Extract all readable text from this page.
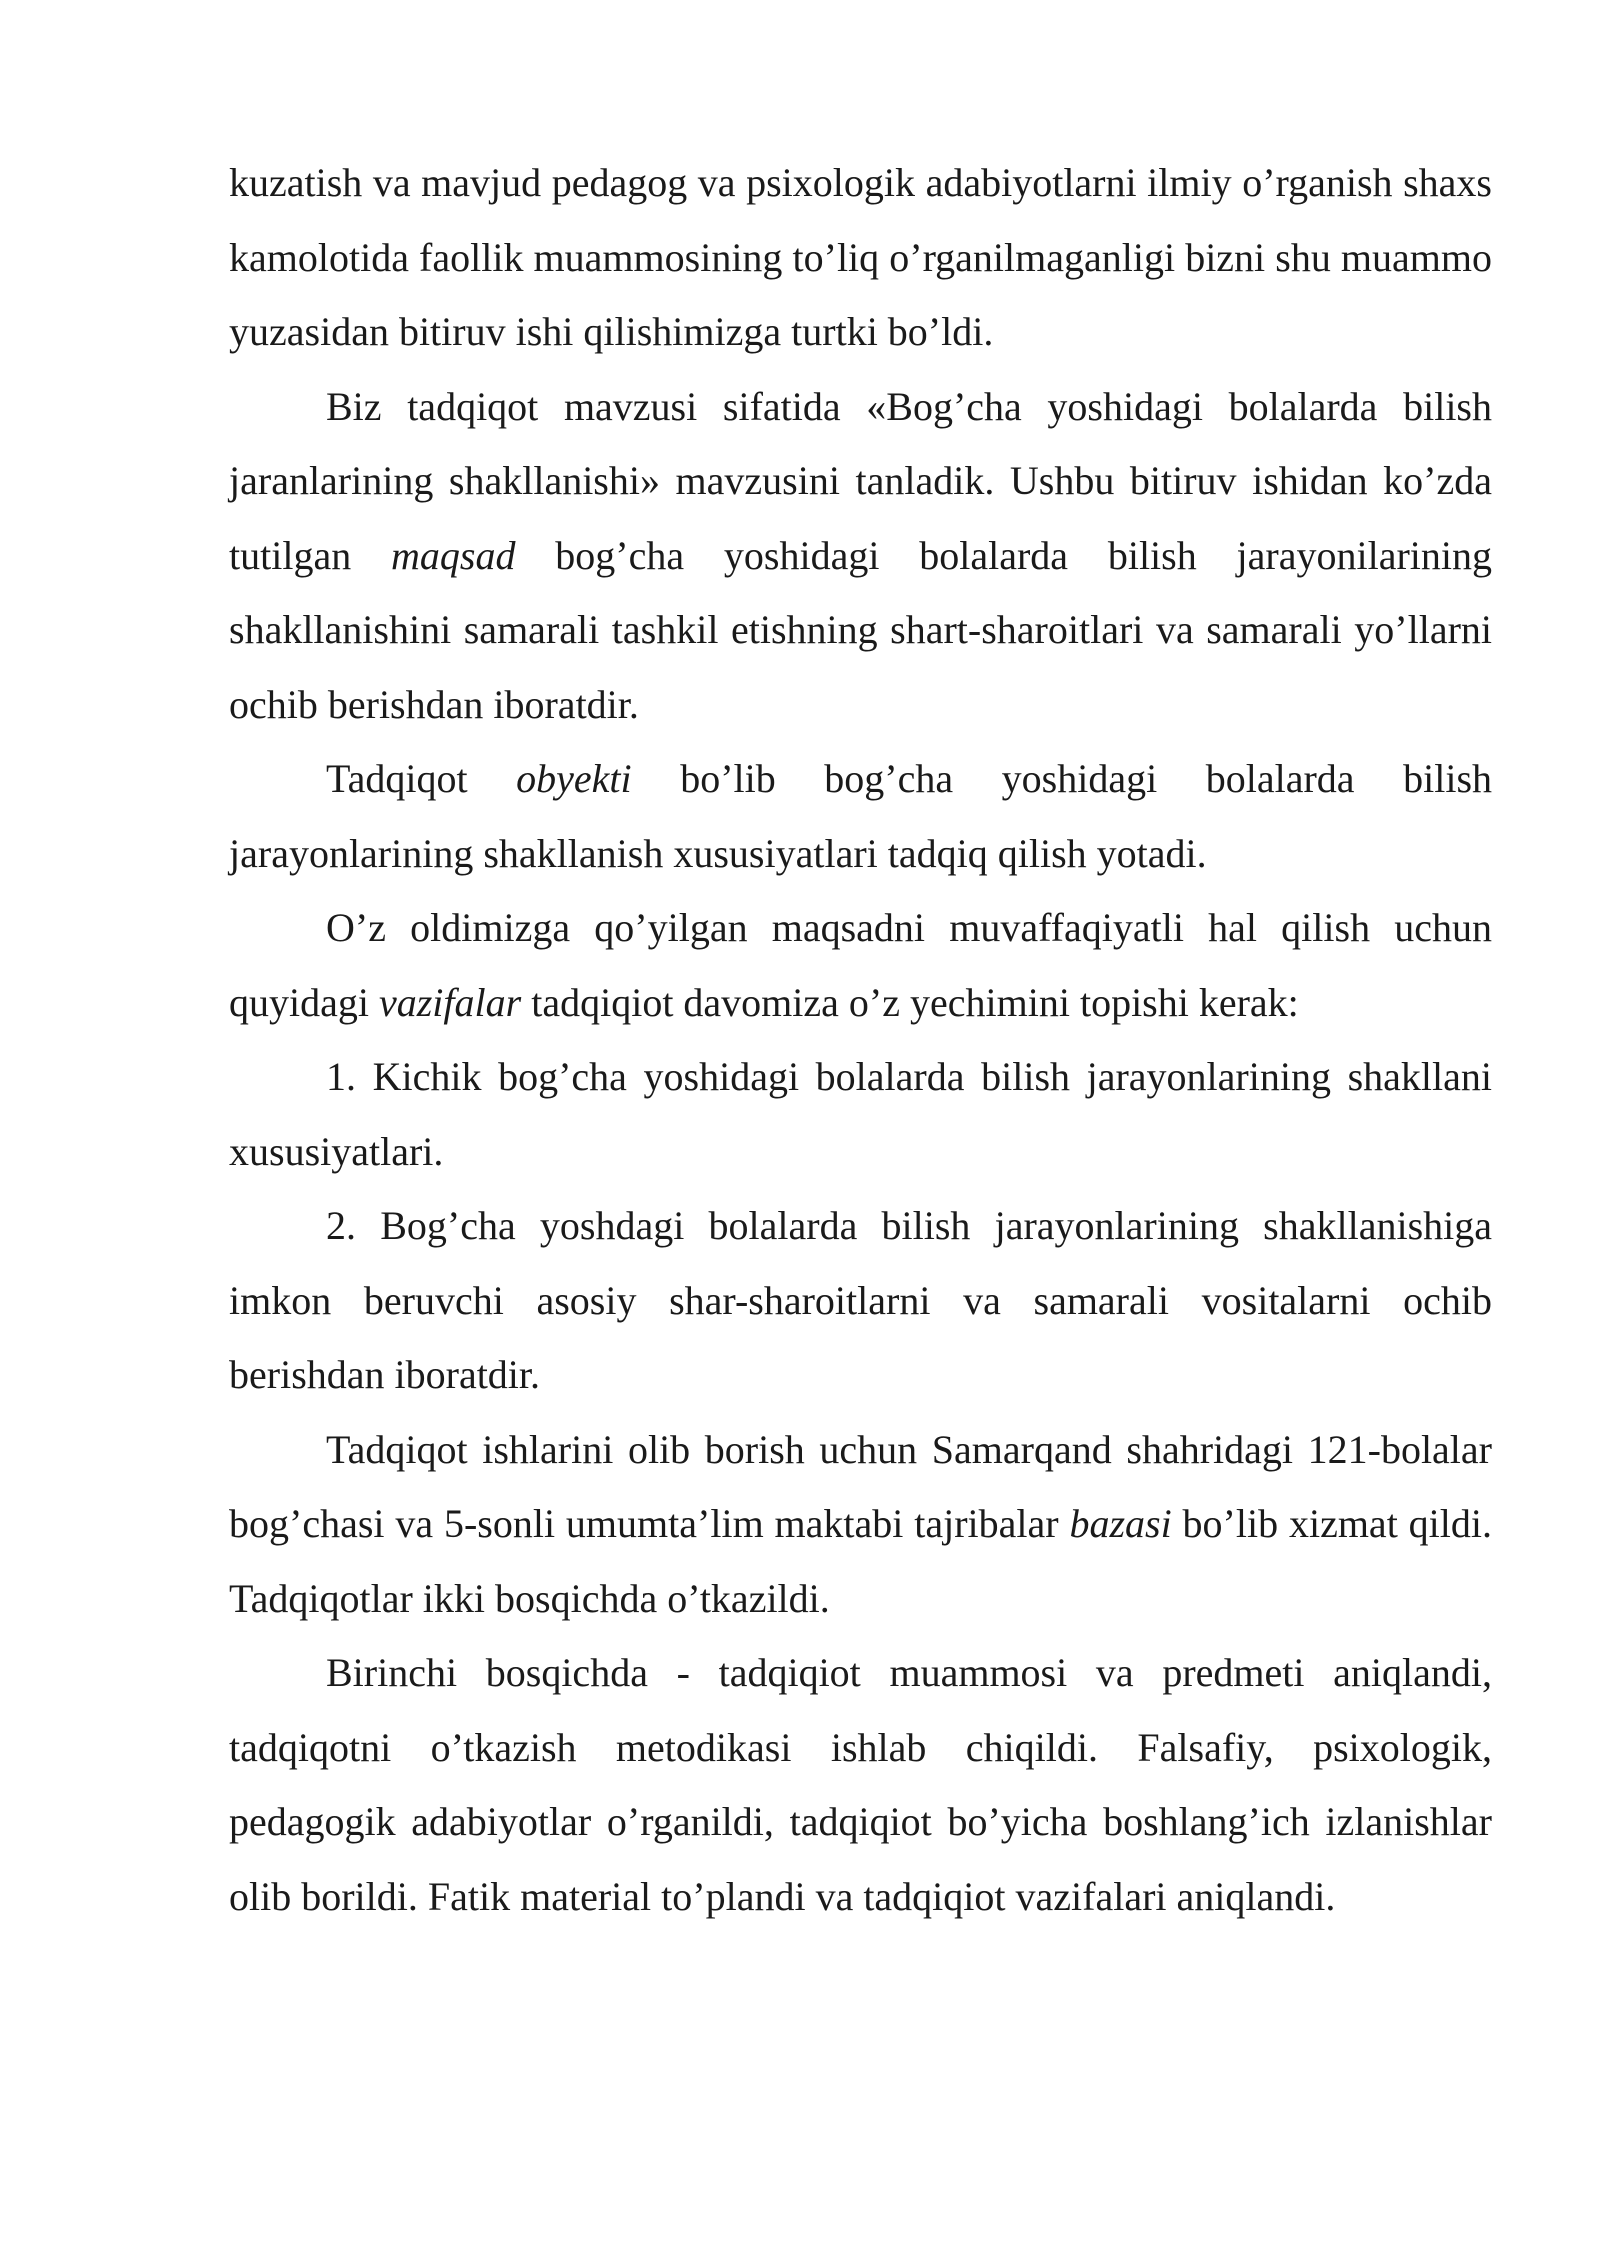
kuzatish va mavjud pedagog va psixologik adabiyotlarni ilmiy o’rganish shaxs kamolotida faollik muammosining to’liq o’rganilmaganligi bizni shu muammo yuzasidan bitiruv ishi qilishimizga turtki bo’ldi.

Biz tadqiqot mavzusi sifatida «Bog’cha yoshidagi bolalarda bilish jaranlarining shakllanishi» mavzusini tanladik. Ushbu bitiruv ishidan ko’zda tutilgan maqsad bog’cha yoshidagi bolalarda bilish jarayonilarining shakllanishini samarali tashkil etishning shart-sharoitlari va samarali yo’llarni ochib berishdan iboratdir.

Tadqiqot obyekti bo’lib bog’cha yoshidagi bolalarda bilish jarayonlarining shakllanish xususiyatlari tadqiq qilish yotadi.

O’z oldimizga qo’yilgan maqsadni muvaffaqiyatli hal qilish uchun quyidagi vazifalar tadqiqiot davomiza o’z yechimini topishi kerak:

1. Kichik bog’cha yoshidagi bolalarda bilish jarayonlarining shakllani xususiyatlari.

2. Bog’cha yoshdagi bolalarda bilish jarayonlarining shakllanishiga imkon beruvchi asosiy shar-sharoitlarni va samarali vositalarni ochib berishdan iboratdir.

Tadqiqot ishlarini olib borish uchun Samarqand shahridagi 121-bolalar bog’chasi va 5-sonli umumta’lim maktabi tajribalar bazasi bo’lib xizmat qildi. Tadqiqotlar ikki bosqichda o’tkazildi.

Birinchi bosqichda - tadqiqiot muammosi va predmeti aniqlandi, tadqiqotni o’tkazish metodikasi ishlab chiqildi. Falsafiy, psixologik, pedagogik adabiyotlar o’rganildi, tadqiqiot bo’yicha boshlang’ich izlanishlar olib borildi. Fatik material to’plandi va tadqiqiot vazifalari aniqlandi.
